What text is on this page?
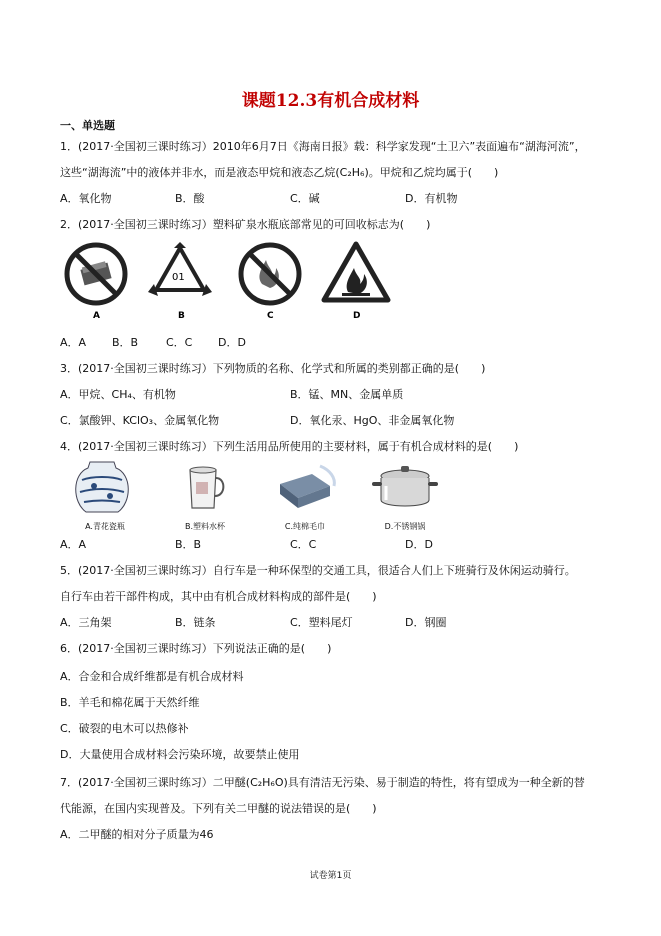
课题12.3有机合成材料
一、单选题
1．(2017·全国初三课时练习）2010年6月7日《海南日报》载：科学家发现“土卫六”表面遍布“湖海河流”，
这些“湖海流”中的液体并非水，而是液态甲烷和液态乙烷(C₂H₆)。甲烷和乙烷均属于(　　)
A．氧化物	B．酸	C．碱	D．有机物
2．(2017·全国初三课时练习）塑料矿泉水瓶底部常见的可回收标志为(　　)
A
01
B	C	D
A．A B．B	C．C D．D
3．(2017·全国初三课时练习）下列物质的名称、化学式和所属的类别都正确的是(　　)
A．甲烷、CH₄、有机物	B．锰、MN、金属单质
C．氯酸钾、KClO₃、金属氧化物	D．氧化汞、HgO、非金属氧化物
4．(2017·全国初三课时练习）下列生活用品所使用的主要材料，属于有机合成材料的是(　　)
A.青花瓷瓶	B.塑料水杯	C.纯棉毛巾	D.不锈钢锅
A．A	B．B	C．C	D．D
5．(2017·全国初三课时练习）自行车是一种环保型的交通工具，很适合人们上下班骑行及休闲运动骑行。
自行车由若干部件构成，其中由有机合成材料构成的部件是(　　)
A．三角架	B．链条	C．塑料尾灯	D．钢圈
6．(2017·全国初三课时练习）下列说法正确的是(　　)
A．合金和合成纤维都是有机合成材料
B．羊毛和棉花属于天然纤维
C．破裂的电木可以热修补
D．大量使用合成材料会污染环境，故要禁止使用
7．(2017·全国初三课时练习）二甲醚(C₂H₆O)具有清洁无污染、易于制造的特性，将有望成为一种全新的替
代能源，在国内实现普及。下列有关二甲醚的说法错误的是(　　)
A．二甲醚的相对分子质量为46
试卷第1页
